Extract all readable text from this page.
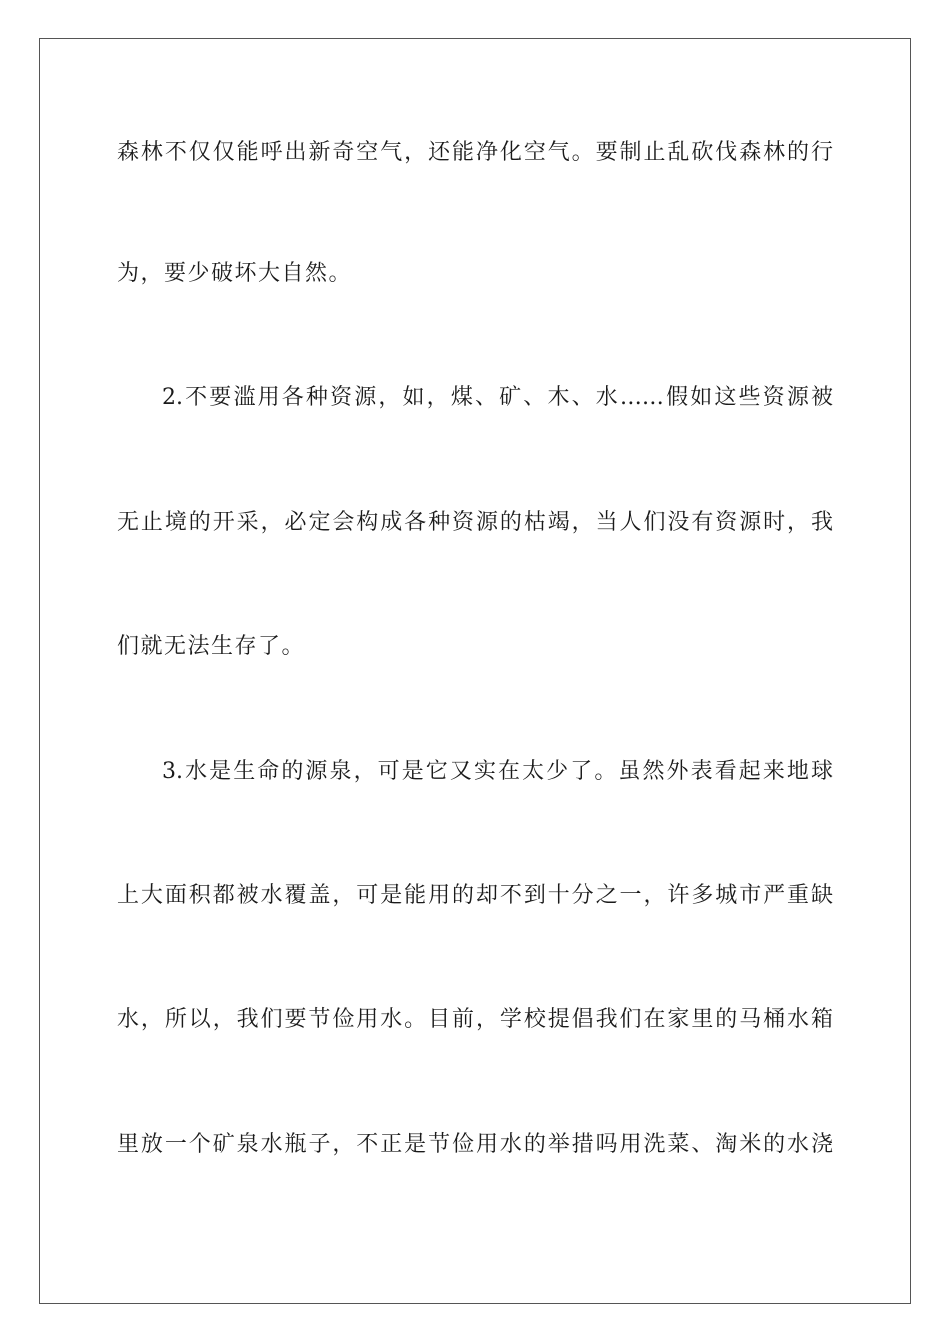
森林不仅仅能呼出新奇空气，还能净化空气。要制止乱砍伐森林的行
为，要少破坏大自然。
2.不要滥用各种资源，如，煤、矿、木、水……假如这些资源被
无止境的开采，必定会构成各种资源的枯竭，当人们没有资源时，我
们就无法生存了。
3.水是生命的源泉，可是它又实在太少了。虽然外表看起来地球
上大面积都被水覆盖，可是能用的却不到十分之一，许多城市严重缺
水，所以，我们要节俭用水。目前，学校提倡我们在家里的马桶水箱
里放一个矿泉水瓶子，不正是节俭用水的举措吗用洗菜、淘米的水浇
